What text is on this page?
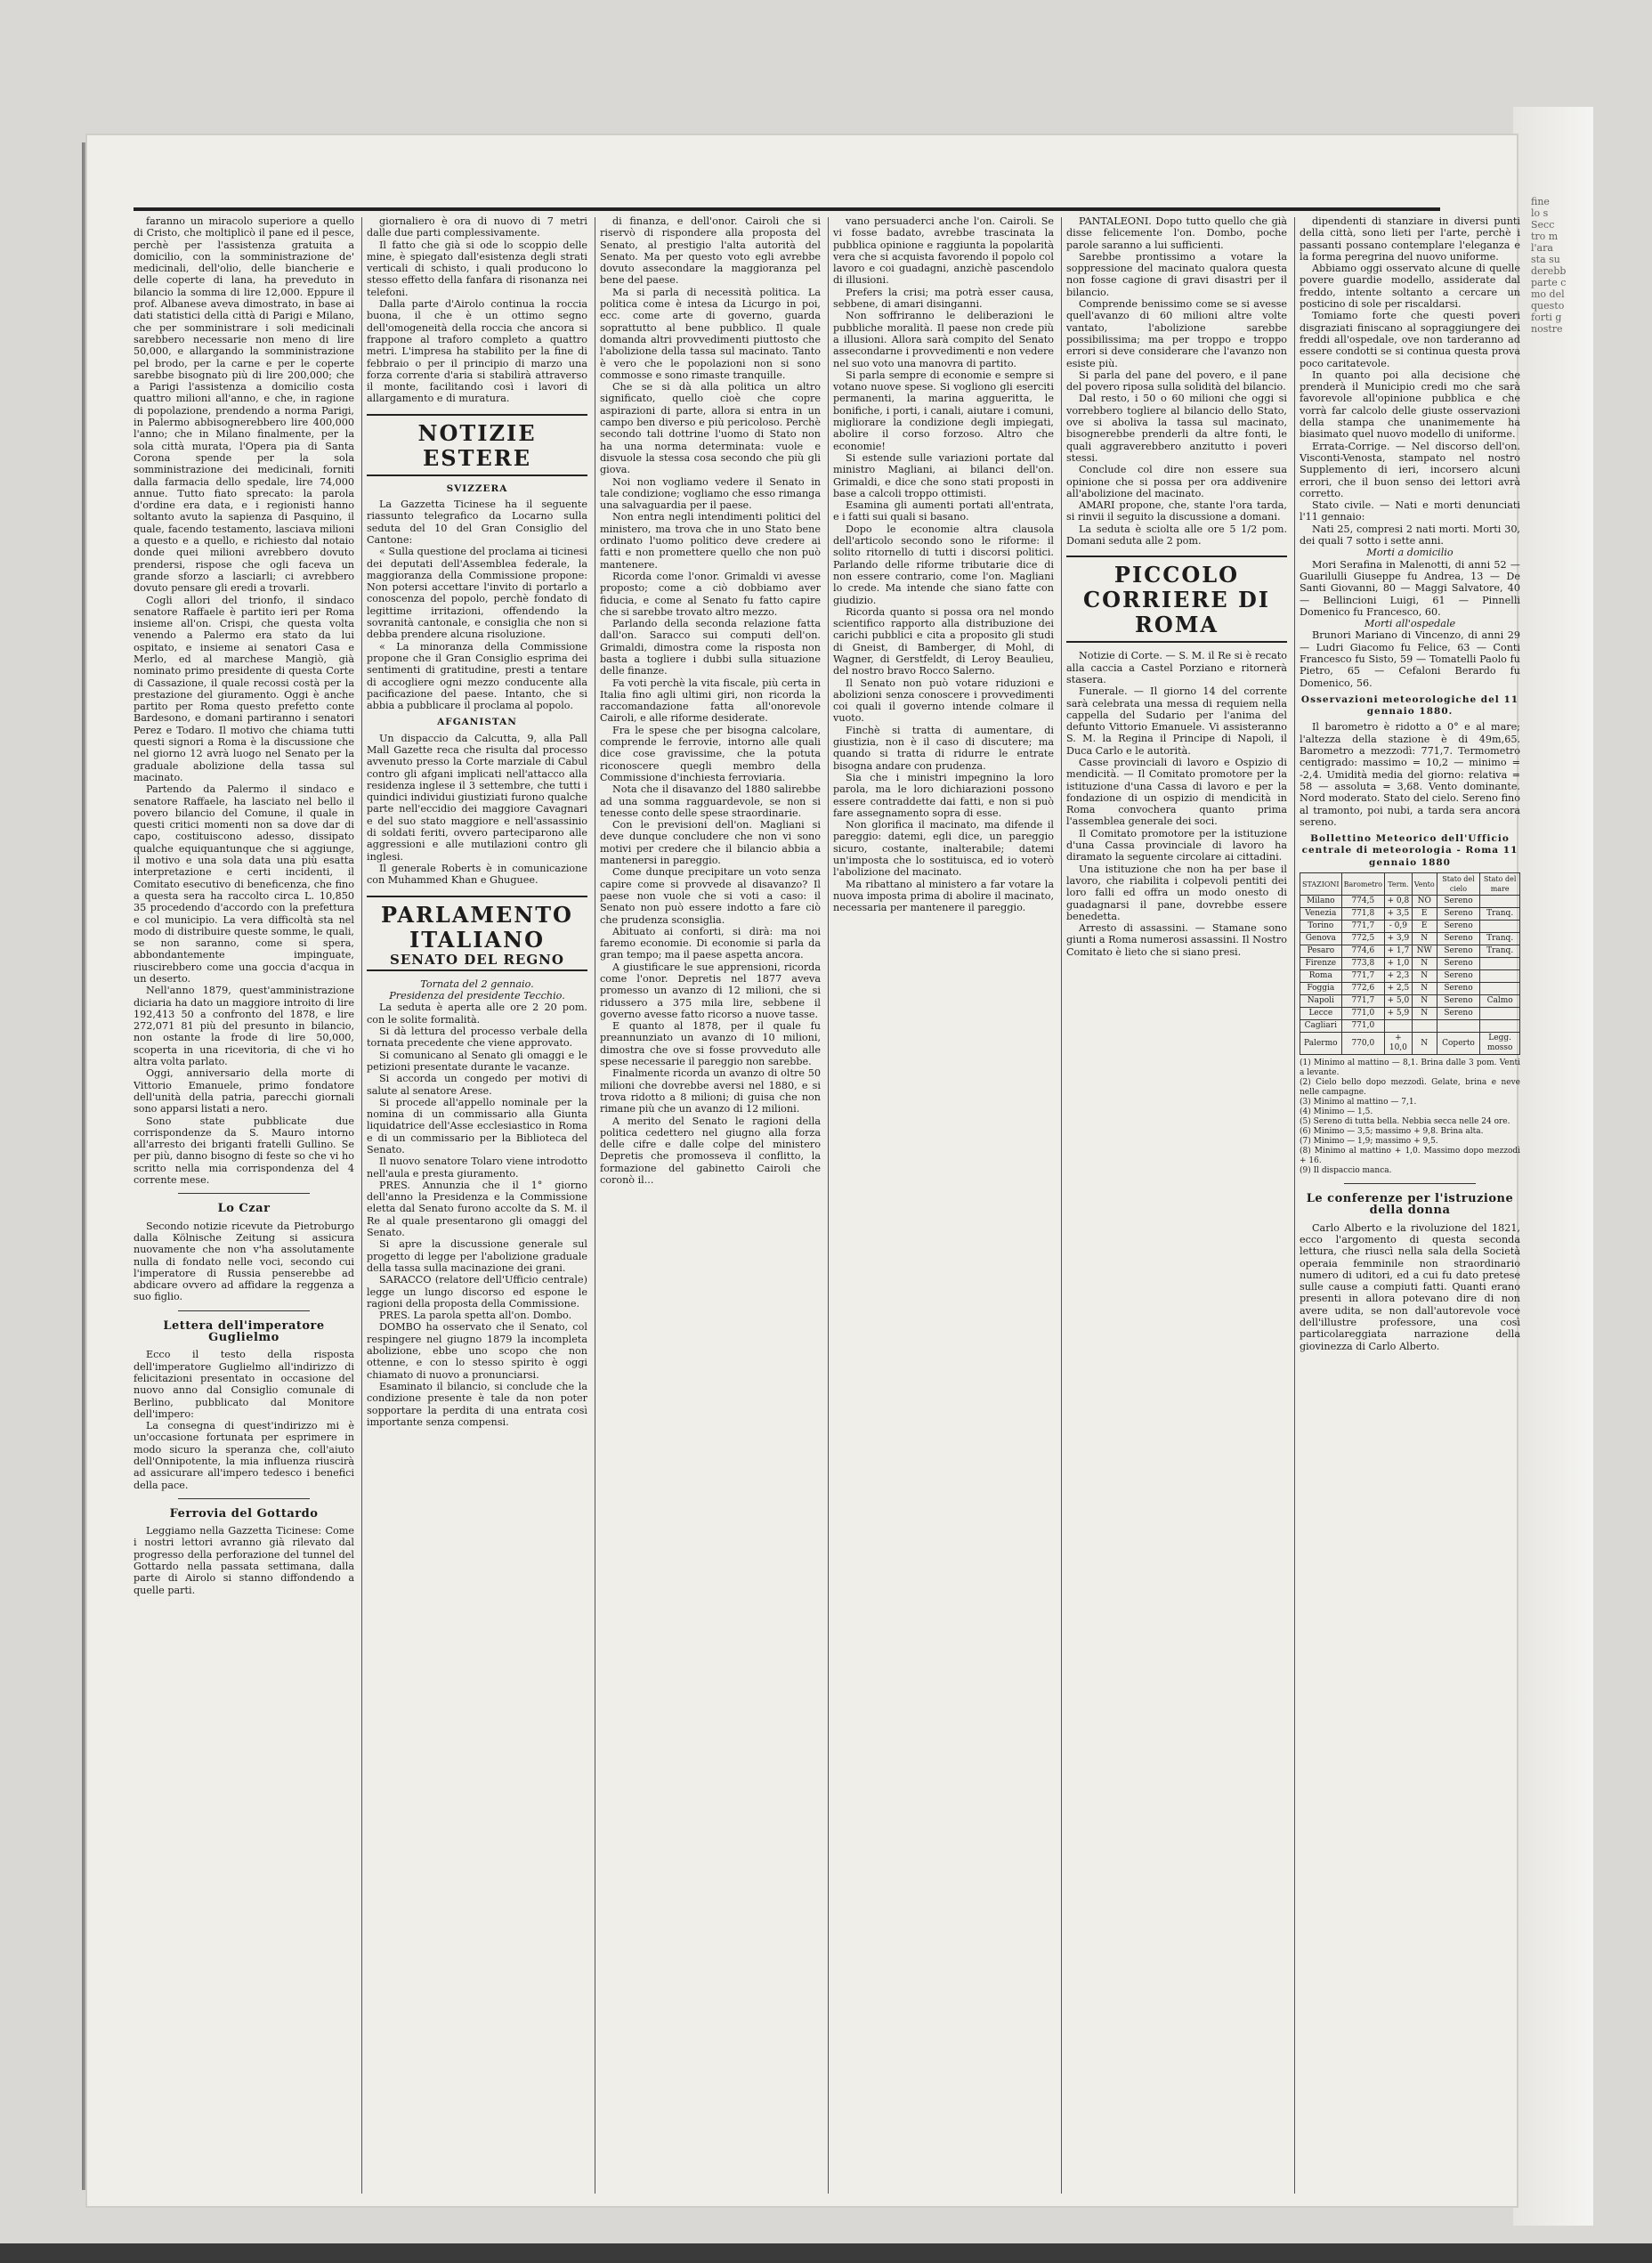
fine
lo s
Secc
tro m
l'ara
sta su
derebb
parte c
mo del
questo
forti g
nostre

faranno un miracolo superiore a quello di Cristo, che moltiplicò il pane ed il pesce, perchè per l'assistenza gratuita a domicilio, con la somministrazione de' medicinali, dell'olio, delle biancherie e delle coperte di lana, ha preveduto in bilancio la somma di lire 12,000. Eppure il prof. Albanese aveva dimostrato, in base ai dati statistici della città di Parigi e Milano, che per somministrare i soli medicinali sarebbero necessarie non meno di lire 50,000, e allargando la somministrazione pel brodo, per la carne e per le coperte sarebbe bisognato più di lire 200,000; che a Parigi l'assistenza a domicilio costa quattro milioni all'anno, e che, in ragione di popolazione, prendendo a norma Parigi, in Palermo abbisognerebbero lire 400,000 l'anno; che in Milano finalmente, per la sola città murata, l'Opera pia di Santa Corona spende per la sola somministrazione dei medicinali, forniti dalla farmacia dello spedale, lire 74,000 annue. Tutto fiato sprecato: la parola d'ordine era data, e i regionisti hanno soltanto avuto la sapienza di Pasquino, il quale, facendo testamento, lasciava milioni a questo e a quello, e richiesto dal notaio donde quei milioni avrebbero dovuto prendersi, rispose che ogli faceva un grande sforzo a lasciarli; ci avrebbero dovuto pensare gli eredi a trovarli.

Cogli allori del trionfo, il sindaco senatore Raffaele è partito ieri per Roma insieme all'on. Crispi, che questa volta venendo a Palermo era stato da lui ospitato, e insieme ai senatori Casa e Merlo, ed al marchese Mangiò, già nominato primo presidente di questa Corte di Cassazione, il quale recossi costà per la prestazione del giuramento. Oggi è anche partito per Roma questo prefetto conte Bardesono, e domani partiranno i senatori Perez e Todaro. Il motivo che chiama tutti questi signori a Roma è la discussione che nel giorno 12 avrà luogo nel Senato per la graduale abolizione della tassa sul macinato.

Partendo da Palermo il sindaco e senatore Raffaele, ha lasciato nel bello il povero bilancio del Comune, il quale in questi critici momenti non sa dove dar di capo, costituiscono adesso, dissipato qualche equiquantunque che si aggiunge, il motivo e una sola data una più esatta interpretazione e certi incidenti, il Comitato esecutivo di beneficenza, che fino a questa sera ha raccolto circa L. 10,850 35 procedendo d'accordo con la prefettura e col municipio. La vera difficoltà sta nel modo di distribuire queste somme, le quali, se non saranno, come si spera, abbondantemente impinguate, riuscirebbero come una goccia d'acqua in un deserto.

Nell'anno 1879, quest'amministrazione diciaria ha dato un maggiore introito di lire 192,413 50 a confronto del 1878, e lire 272,071 81 più del presunto in bilancio, non ostante la frode di lire 50,000, scoperta in una ricevitoria, di che vi ho altra volta parlato.

Oggi, anniversario della morte di Vittorio Emanuele, primo fondatore dell'unità della patria, parecchi giornali sono apparsi listati a nero.

Sono state pubblicate due corrispondenze da S. Mauro intorno all'arresto dei briganti fratelli Gullino. Se per più, danno bisogno di feste so che vi ho scritto nella mia corrispondenza del 4 corrente mese.

Lo Czar

Secondo notizie ricevute da Pietroburgo dalla Kölnische Zeitung si assicura nuovamente che non v'ha assolutamente nulla di fondato nelle voci, secondo cui l'imperatore di Russia penserebbe ad abdicare ovvero ad affidare la reggenza a suo figlio.

Lettera dell'imperatore Guglielmo

Ecco il testo della risposta dell'imperatore Guglielmo all'indirizzo di felicitazioni presentato in occasione del nuovo anno dal Consiglio comunale di Berlino, pubblicato dal Monitore dell'impero:

La consegna di quest'indirizzo mi è un'occasione fortunata per esprimere in modo sicuro la speranza che, coll'aiuto dell'Onnipotente, la mia influenza riuscirà ad assicurare all'impero tedesco i benefici della pace.

Ferrovia del Gottardo

Leggiamo nella Gazzetta Ticinese: Come i nostri lettori avranno già rilevato dal progresso della perforazione del tunnel del Gottardo nella passata settimana, dalla parte di Airolo si stanno diffondendo a quelle parti.

giornaliero è ora di nuovo di 7 metri dalle due parti complessivamente.

Il fatto che già si ode lo scoppio delle mine, è spiegato dall'esistenza degli strati verticali di schisto, i quali producono lo stesso effetto della fanfara di risonanza nei telefoni.

Dalla parte d'Airolo continua la roccia buona, il che è un ottimo segno dell'omogeneità della roccia che ancora si frappone al traforo completo a quattro metri. L'impresa ha stabilito per la fine di febbraio o per il principio di marzo una forza corrente d'aria si stabilirà attraverso il monte, facilitando così i lavori di allargamento e di muratura.

NOTIZIE ESTERE
SVIZZERA

La Gazzetta Ticinese ha il seguente riassunto telegrafico da Locarno sulla seduta del 10 del Gran Consiglio del Cantone:

« Sulla questione del proclama ai ticinesi dei deputati dell'Assemblea federale, la maggioranza della Commissione propone: Non potersi accettare l'invito di portarlo a conoscenza del popolo, perchè fondato di legittime irritazioni, offendendo la sovranità cantonale, e consiglia che non si debba prendere alcuna risoluzione.

« La minoranza della Commissione propone che il Gran Consiglio esprima dei sentimenti di gratitudine, presti a tentare di accogliere ogni mezzo conducente alla pacificazione del paese. Intanto, che si abbia a pubblicare il proclama al popolo.

AFGANISTAN

Un dispaccio da Calcutta, 9, alla Pall Mall Gazette reca che risulta dal processo avvenuto presso la Corte marziale di Cabul contro gli afgani implicati nell'attacco alla residenza inglese il 3 settembre, che tutti i quindici individui giustiziati furono qualche parte nell'eccidio dei maggiore Cavagnari e del suo stato maggiore e nell'assassinio di soldati feriti, ovvero parteciparono alle aggressioni e alle mutilazioni contro gli inglesi.

Il generale Roberts è in comunicazione con Muhammed Khan e Ghuguee.

PARLAMENTO ITALIANO
SENATO DEL REGNO

Tornata del 2 gennaio.

Presidenza del presidente Tecchio.

La seduta è aperta alle ore 2 20 pom. con le solite formalità.

Si dà lettura del processo verbale della tornata precedente che viene approvato.

Si comunicano al Senato gli omaggi e le petizioni presentate durante le vacanze.

Si accorda un congedo per motivi di salute al senatore Arese.

Si procede all'appello nominale per la nomina di un commissario alla Giunta liquidatrice dell'Asse ecclesiastico in Roma e di un commissario per la Biblioteca del Senato.

Il nuovo senatore Tolaro viene introdotto nell'aula e presta giuramento.

PRES. Annunzia che il 1° giorno dell'anno la Presidenza e la Commissione eletta dal Senato furono accolte da S. M. il Re al quale presentarono gli omaggi del Senato.

Si apre la discussione generale sul progetto di legge per l'abolizione graduale della tassa sulla macinazione dei grani.

SARACCO (relatore dell'Ufficio centrale) legge un lungo discorso ed espone le ragioni della proposta della Commissione.

PRES. La parola spetta all'on. Dombo.

DOMBO ha osservato che il Senato, col respingere nel giugno 1879 la incompleta abolizione, ebbe uno scopo che non ottenne, e con lo stesso spirito è oggi chiamato di nuovo a pronunciarsi.

Esaminato il bilancio, si conclude che la condizione presente è tale da non poter sopportare la perdita di una entrata così importante senza compensi.

di finanza, e dell'onor. Cairoli che si riservò di rispondere alla proposta del Senato, al prestigio l'alta autorità del Senato. Ma per questo voto egli avrebbe dovuto assecondare la maggioranza pel bene del paese.

Ma si parla di necessità politica. La politica come è intesa da Licurgo in poi, ecc. come arte di governo, guarda soprattutto al bene pubblico. Il quale domanda altri provvedimenti piuttosto che l'abolizione della tassa sul macinato. Tanto è vero che le popolazioni non si sono commosse e sono rimaste tranquille.

Che se si dà alla politica un altro significato, quello cioè che copre aspirazioni di parte, allora si entra in un campo ben diverso e più pericoloso. Perchè secondo tali dottrine l'uomo di Stato non ha una norma determinata: vuole e disvuole la stessa cosa secondo che più gli giova.

Noi non vogliamo vedere il Senato in tale condizione; vogliamo che esso rimanga una salvaguardia per il paese.

Non entra negli intendimenti politici del ministero, ma trova che in uno Stato bene ordinato l'uomo politico deve credere ai fatti e non promettere quello che non può mantenere.

Ricorda come l'onor. Grimaldi vi avesse proposto; come a ciò dobbiamo aver fiducia, e come al Senato fu fatto capire che si sarebbe trovato altro mezzo.

Parlando della seconda relazione fatta dall'on. Saracco sui computi dell'on. Grimaldi, dimostra come la risposta non basta a togliere i dubbi sulla situazione delle finanze.

Fa voti perchè la vita fiscale, più certa in Italia fino agli ultimi giri, non ricorda la raccomandazione fatta all'onorevole Cairoli, e alle riforme desiderate.

Fra le spese che per bisogna calcolare, comprende le ferrovie, intorno alle quali dice cose gravissime, che la potuta riconoscere quegli membro della Commissione d'inchiesta ferroviaria.

Nota che il disavanzo del 1880 salirebbe ad una somma ragguardevole, se non si tenesse conto delle spese straordinarie.

Con le previsioni dell'on. Magliani si deve dunque concludere che non vi sono motivi per credere che il bilancio abbia a mantenersi in pareggio.

Come dunque precipitare un voto senza capire come si provvede al disavanzo? Il paese non vuole che si voti a caso: il Senato non può essere indotto a fare ciò che prudenza sconsiglia.

Abituato ai conforti, si dirà: ma noi faremo economie. Di economie si parla da gran tempo; ma il paese aspetta ancora.

A giustificare le sue apprensioni, ricorda come l'onor. Depretis nel 1877 aveva promesso un avanzo di 12 milioni, che si ridussero a 375 mila lire, sebbene il governo avesse fatto ricorso a nuove tasse.

E quanto al 1878, per il quale fu preannunziato un avanzo di 10 milioni, dimostra che ove si fosse provveduto alle spese necessarie il pareggio non sarebbe.

Finalmente ricorda un avanzo di oltre 50 milioni che dovrebbe aversi nel 1880, e si trova ridotto a 8 milioni; di guisa che non rimane più che un avanzo di 12 milioni.

A merito del Senato le ragioni della politica cedettero nel giugno alla forza delle cifre e dalle colpe del ministero Depretis che promosseva il conflitto, la formazione del gabinetto Cairoli che coronò il...

vano persuaderci anche l'on. Cairoli. Se vi fosse badato, avrebbe trascinata la pubblica opinione e raggiunta la popolarità vera che si acquista favorendo il popolo col lavoro e coi guadagni, anzichè pascendolo di illusioni.

Prefers la crisi; ma potrà esser causa, sebbene, di amari disinganni.

Non soffriranno le deliberazioni le pubbliche moralità. Il paese non crede più a illusioni. Allora sarà compito del Senato assecondarne i provvedimenti e non vedere nel suo voto una manovra di partito.

Si parla sempre di economie e sempre si votano nuove spese. Si vogliono gli eserciti permanenti, la marina aggueritta, le bonifiche, i porti, i canali, aiutare i comuni, migliorare la condizione degli impiegati, abolire il corso forzoso. Altro che economie!

Si estende sulle variazioni portate dal ministro Magliani, ai bilanci dell'on. Grimaldi, e dice che sono stati proposti in base a calcoli troppo ottimisti.

Esamina gli aumenti portati all'entrata, e i fatti sui quali si basano.

Dopo le economie altra clausola dell'articolo secondo sono le riforme: il solito ritornello di tutti i discorsi politici. Parlando delle riforme tributarie dice di non essere contrario, come l'on. Magliani lo crede. Ma intende che siano fatte con giudizio.

Ricorda quanto si possa ora nel mondo scientifico rapporto alla distribuzione dei carichi pubblici e cita a proposito gli studi di Gneist, di Bamberger, di Mohl, di Wagner, di Gerstfeldt, di Leroy Beaulieu, del nostro bravo Rocco Salerno.

Il Senato non può votare riduzioni e abolizioni senza conoscere i provvedimenti coi quali il governo intende colmare il vuoto.

Finchè si tratta di aumentare, di giustizia, non è il caso di discutere; ma quando si tratta di ridurre le entrate bisogna andare con prudenza.

Sia che i ministri impegnino la loro parola, ma le loro dichiarazioni possono essere contraddette dai fatti, e non si può fare assegnamento sopra di esse.

Non glorifica il macinato, ma difende il pareggio: datemi, egli dice, un pareggio sicuro, costante, inalterabile; datemi un'imposta che lo sostituisca, ed io voterò l'abolizione del macinato.

Ma ribattano al ministero a far votare la nuova imposta prima di abolire il macinato, necessaria per mantenere il pareggio.

PANTALEONI. Dopo tutto quello che già disse felicemente l'on. Dombo, poche parole saranno a lui sufficienti.

Sarebbe prontissimo a votare la soppressione del macinato qualora questa non fosse cagione di gravi disastri per il bilancio.

Comprende benissimo come se si avesse quell'avanzo di 60 milioni altre volte vantato, l'abolizione sarebbe possibilissima; ma per troppo e troppo errori si deve considerare che l'avanzo non esiste più.

Si parla del pane del povero, e il pane del povero riposa sulla solidità del bilancio.

Dal resto, i 50 o 60 milioni che oggi si vorrebbero togliere al bilancio dello Stato, ove si aboliva la tassa sul macinato, bisognerebbe prenderli da altre fonti, le quali aggraverebbero anzitutto i poveri stessi.

Conclude col dire non essere sua opinione che si possa per ora addivenire all'abolizione del macinato.

AMARI propone, che, stante l'ora tarda, si rinvii il seguito la discussione a domani.

La seduta è sciolta alle ore 5 1/2 pom. Domani seduta alle 2 pom.

PICCOLO CORRIERE DI ROMA

Notizie di Corte. — S. M. il Re si è recato alla caccia a Castel Porziano e ritornerà stasera.

Funerale. — Il giorno 14 del corrente sarà celebrata una messa di requiem nella cappella del Sudario per l'anima del defunto Vittorio Emanuele. Vi assisteranno S. M. la Regina il Principe di Napoli, il Duca Carlo e le autorità.

Casse provinciali di lavoro e Ospizio di mendicità. — Il Comitato promotore per la istituzione d'una Cassa di lavoro e per la fondazione di un ospizio di mendicità in Roma convochera quanto prima l'assemblea generale dei soci.

Il Comitato promotore per la istituzione d'una Cassa provinciale di lavoro ha diramato la seguente circolare ai cittadini.

Una istituzione che non ha per base il lavoro, che riabilita i colpevoli pentiti dei loro falli ed offra un modo onesto di guadagnarsi il pane, dovrebbe essere benedetta.

Arresto di assassini. — Stamane sono giunti a Roma numerosi assassini. Il Nostro Comitato è lieto che si siano presi.

dipendenti di stanziare in diversi punti della città, sono lieti per l'arte, perchè i passanti possano contemplare l'eleganza e la forma peregrina del nuovo uniforme.

Abbiamo oggi osservato alcune di quelle povere guardie modello, assiderate dal freddo, intente soltanto a cercare un posticino di sole per riscaldarsi.

Tomiamo forte che questi poveri disgraziati finiscano al sopraggiungere dei freddi all'ospedale, ove non tarderanno ad essere condotti se si continua questa prova poco caritatevole.

In quanto poi alla decisione che prenderà il Municipio credi mo che sarà favorevole all'opinione pubblica e che vorrà far calcolo delle giuste osservazioni della stampa che unanimemente ha biasimato quel nuovo modello di uniforme.

Errata-Corrige. — Nel discorso dell'on. Visconti-Venosta, stampato nel nostro Supplemento di ieri, incorsero alcuni errori, che il buon senso dei lettori avrà corretto.

Stato civile. — Nati e morti denunciati l'11 gennaio:

Nati 25, compresi 2 nati morti. Morti 30, dei quali 7 sotto i sette anni.

Morti a domicilio

Mori Serafina in Malenotti, di anni 52 — Guarilulli Giuseppe fu Andrea, 13 — De Santi Giovanni, 80 — Maggi Salvatore, 40 — Bellincioni Luigi, 61 — Pinnelli Domenico fu Francesco, 60.

Morti all'ospedale

Brunori Mariano di Vincenzo, di anni 29 — Ludri Giacomo fu Felice, 63 — Conti Francesco fu Sisto, 59 — Tomatelli Paolo fu Pietro, 65 — Cefaloni Berardo fu Domenico, 56.

Osservazioni meteorologiche del 11 gennaio 1880.

Il barometro è ridotto a 0° e al mare; l'altezza della stazione è di 49m,65. Barometro a mezzodì: 771,7. Termometro centigrado: massimo = 10,2 — minimo = -2,4. Umidità media del giorno: relativa = 58 — assoluta = 3,68. Vento dominante. Nord moderato. Stato del cielo. Sereno fino al tramonto, poi nubi, a tarda sera ancora sereno.

Bollettino Meteorico dell'Ufficio centrale di meteorologia - Roma 11 gennaio 1880
STAZIONI	Barometro	Term.	Vento	Stato del cielo	Stato del mare
Milano	774,5	+ 0,8	NO	Sereno	
Venezia	771,8	+ 3,5	E	Sereno	Tranq.
Torino	771,7	- 0,9	E	Sereno	
Genova	772,5	+ 3,9	N	Sereno	Tranq.
Pesaro	774,6	+ 1,7	NW	Sereno	Tranq.
Firenze	773,8	+ 1,0	N	Sereno	
Roma	771,7	+ 2,3	N	Sereno	
Foggia	772,6	+ 2,5	N	Sereno	
Napoli	771,7	+ 5,0	N	Sereno	Calmo
Lecce	771,0	+ 5,9	N	Sereno	
Cagliari	771,0				
Palermo	770,0	+ 10,0	N	Coperto	Legg. mosso

(1) Minimo al mattino — 8,1. Brina dalle 3 pom. Venti a levante.

(2) Cielo bello dopo mezzodì. Gelate, brina e neve nelle campagne.

(3) Minimo al mattino — 7,1.

(4) Minimo — 1,5.

(5) Sereno di tutta bella. Nebbia secca nelle 24 ore.

(6) Minimo — 3,5; massimo + 9,8. Brina alta.

(7) Minimo — 1,9; massimo + 9,5.

(8) Minimo al mattino + 1,0. Massimo dopo mezzodì + 16.

(9) Il dispaccio manca.

Le conferenze per l'istruzione della donna

Carlo Alberto e la rivoluzione del 1821, ecco l'argomento di questa seconda lettura, che riuscì nella sala della Società operaia femminile non straordinario numero di uditori, ed a cui fu dato pretese sulle cause a compiuti fatti. Quanti erano presenti in allora potevano dire di non avere udita, se non dall'autorevole voce dell'illustre professore, una così particolareggiata narrazione della giovinezza di Carlo Alberto.
